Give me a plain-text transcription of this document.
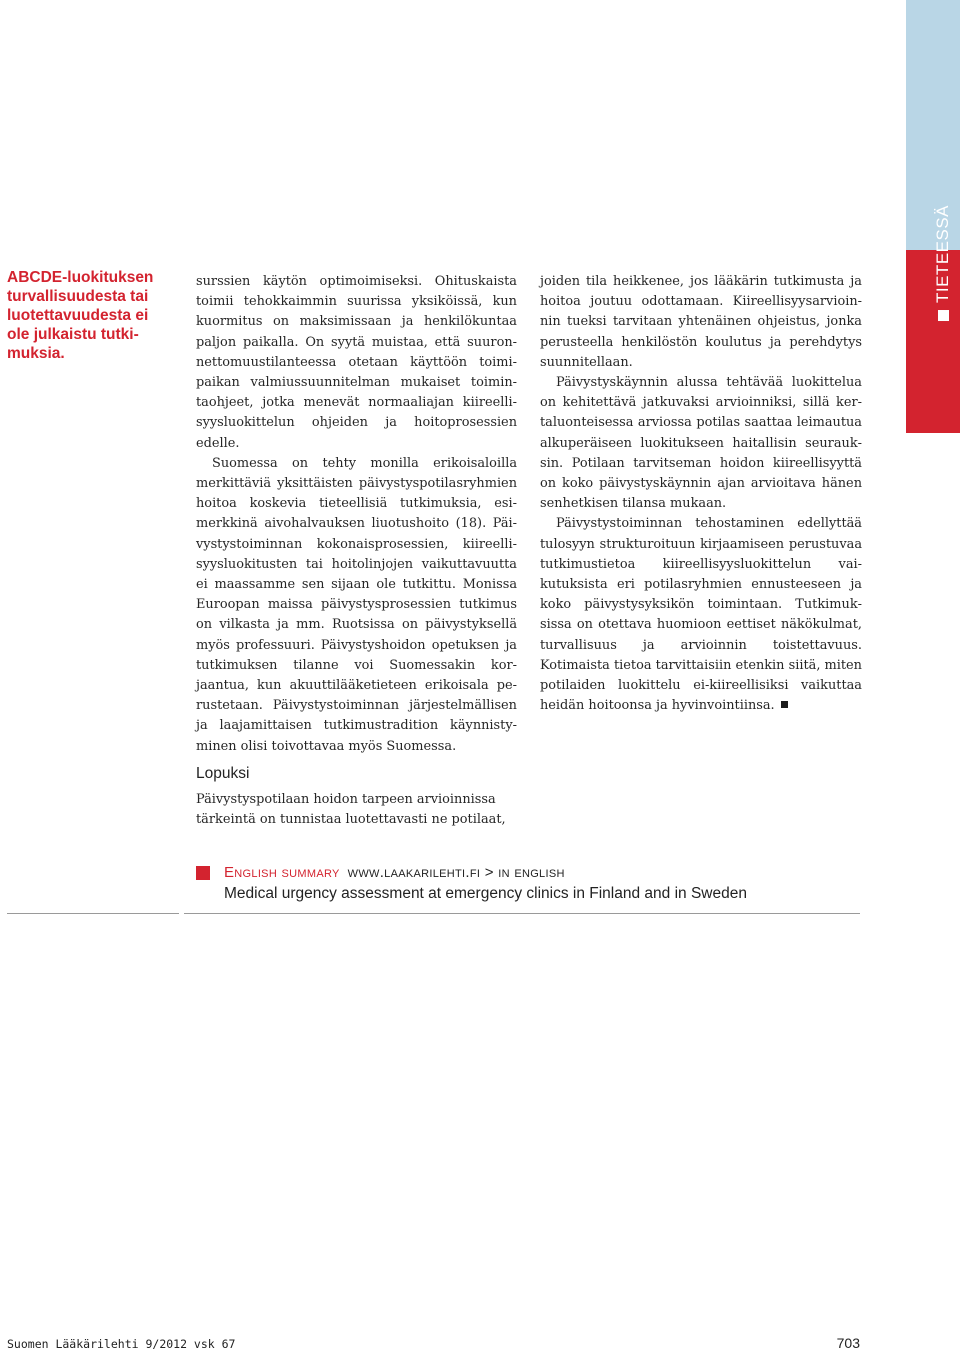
TIETEESSÄ
ABCDE-luokituksen turvallisuudesta tai luotettavuudesta ei ole julkaistu tutkimuksia.

surssien käytön optimoimiseksi. Ohituskaista toimii tehokkaimmin suurissa yksiköissä, kun kuormitus on maksimissaan ja henkilökuntaa paljon paikalla. On syytä muistaa, että suuronnettomuustilanteessa otetaan käyttöön toimipaikan valmiussuunnitelman mukaiset toimintaohjeet, jotka menevät normaaliajan kiireellisyysluokittelun ohjeiden ja hoitoprosessien edelle.

Suomessa on tehty monilla erikoisaloilla merkittäviä yksittäisten päivystyspotilasryhmien hoitoa koskevia tieteellisiä tutkimuksia, esimerkkinä aivohalvauksen liuotushoito (18). Päivystystoiminnan kokonaisprosessien, kiireellisyysluokitusten tai hoitolinjojen vaikuttavuutta ei maassamme sen sijaan ole tutkittu. Monissa Euroopan maissa päivystysprosessien tutkimus on vilkasta ja mm. Ruotsissa on päivystyksellä myös professuuri. Päivystyshoidon opetuksen ja tutkimuksen tilanne voi Suomessakin korjaantua, kun akuuttilääketieteen erikoisala perustetaan. Päivystystoiminnan järjestelmällisen ja laajamittaisen tutkimustradition käynnistyminen olisi toivottavaa myös Suomessa.

Lopuksi

Päivystyspotilaan hoidon tarpeen arvioinnissa tärkeintä on tunnistaa luotettavasti ne potilaat,

joiden tila heikkenee, jos lääkärin tutkimusta ja hoitoa joutuu odottamaan. Kiireellisyysarvioinnin tueksi tarvitaan yhtenäinen ohjeistus, jonka perusteella henkilöstön koulutus ja perehdytys suunnitellaan.

Päivystyskäynnin alussa tehtävää luokittelua on kehitettävä jatkuvaksi arvioinniksi, sillä kertaluonteisessa arviossa potilas saattaa leimautua alkuperäiseen luokitukseen haitallisin seurauksin. Potilaan tarvitseman hoidon kiireellisyyttä on koko päivystyskäynnin ajan arvioitava hänen senhetkisen tilansa mukaan.

Päivystystoiminnan tehostaminen edellyttää tulosyyn strukturoituun kirjaamiseen perustuvaa tutkimustietoa kiireellisyysluokittelun vaikutuksista eri potilasryhmien ennusteeseen ja koko päivystysyksikön toimintaan. Tutkimuksissa on otettava huomioon eettiset näkökulmat, turvallisuus ja arvioinnin toistettavuus. Kotimaista tietoa tarvittaisiin etenkin siitä, miten potilaiden luokittelu ei-kiireellisiksi vaikuttaa heidän hoitoonsa ja hyvinvointiinsa.

English summary www.laakarilehti.fi > in english
Medical urgency assessment at emergency clinics in Finland and in Sweden
Suomen Lääkärilehti 9/2012 vsk 67	703
